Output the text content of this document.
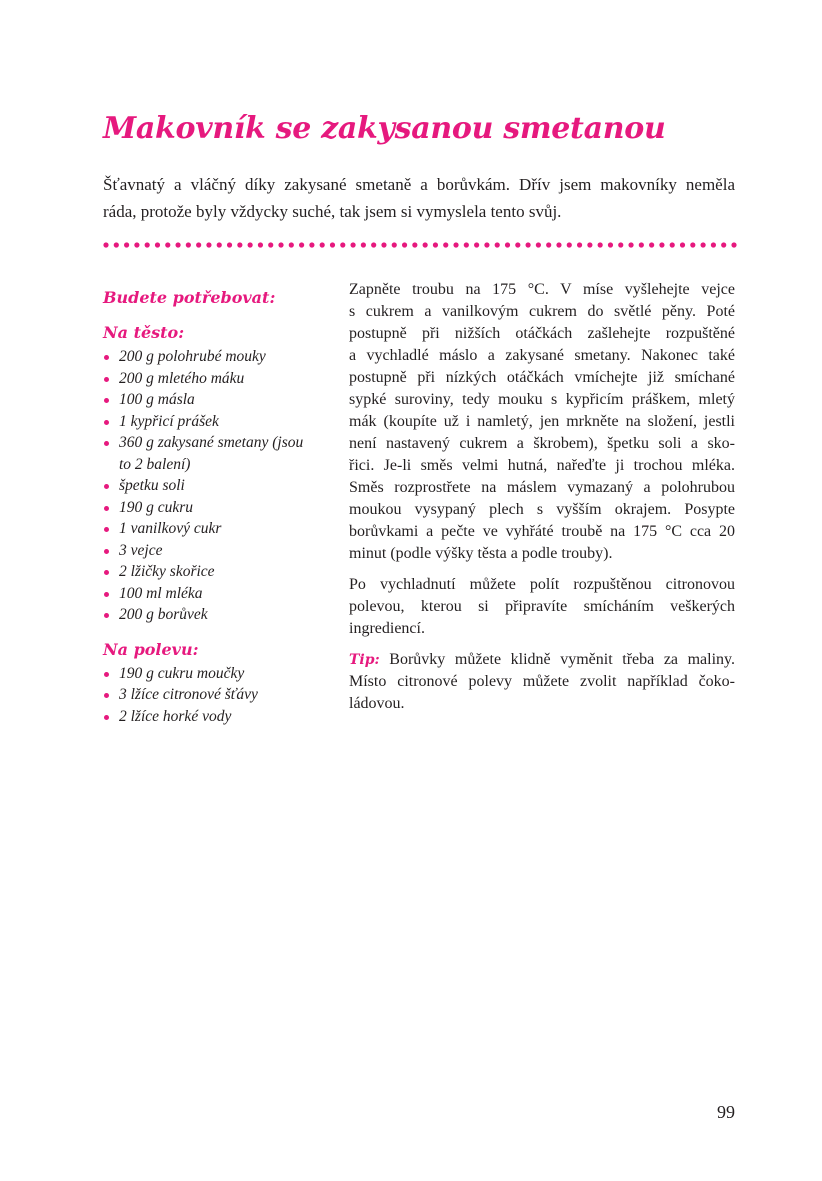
Makovník se zakysanou smetanou
Šťavnatý a vláčný díky zakysané smetaně a borůvkám. Dřív jsem makovníky neměla
ráda, protože byly vždycky suché, tak jsem si vymyslela tento svůj.
Budete potřebovat:
Na těsto:
200 g polohrubé mouky
200 g mletého máku
100 g másla
1 kypřicí prášek
360 g zakysané smetany (jsou to 2 balení)
špetku soli
190 g cukru
1 vanilkový cukr
3 vejce
2 lžičky skořice
100 ml mléka
200 g borůvek
Na polevu:
190 g cukru moučky
3 lžíce citronové šťávy
2 lžíce horké vody

Zapněte troubu na 175 °C. V míse vyšlehejte vejce
s cukrem a vanilkovým cukrem do světlé pěny. Poté
postupně při nižších otáčkách zašlehejte rozpuštěné
a vychladlé máslo a zakysané smetany. Nakonec také
postupně při nízkých otáčkách vmíchejte již smíchané
sypké suroviny, tedy mouku s kypřicím práškem, mletý
mák (koupíte už i namletý, jen mrkněte na složení, jestli
není nastavený cukrem a škrobem), špetku soli a sko-
řici. Je-li směs velmi hutná, nařeďte ji trochou mléka.
Směs rozprostřete na máslem vymazaný a polohrubou
moukou vysypaný plech s vyšším okrajem. Posypte
borůvkami a pečte ve vyhřáté troubě na 175 °C cca 20
minut (podle výšky těsta a podle trouby).

Po vychladnutí můžete polít rozpuštěnou citronovou
polevou, kterou si připravíte smícháním veškerých
ingrediencí.

Tip: Borůvky můžete klidně vyměnit třeba za maliny.
Místo citronové polevy můžete zvolit například čoko-
ládovou.

99
